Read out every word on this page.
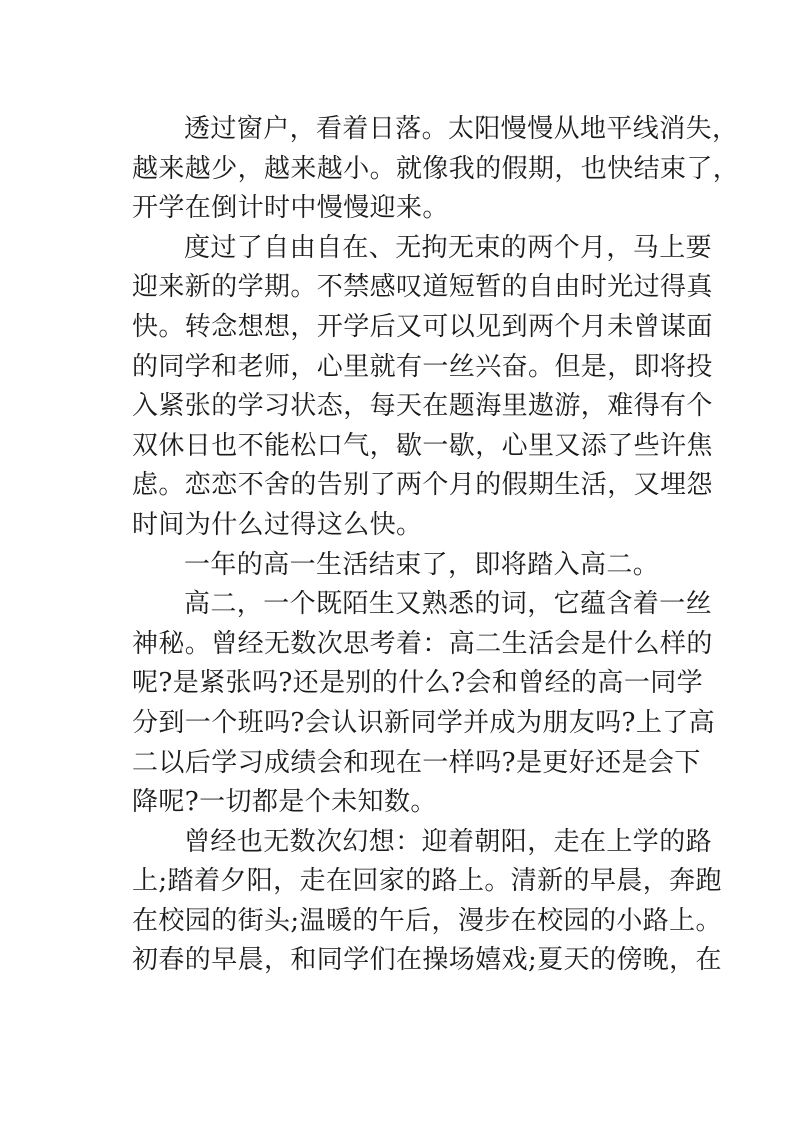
透过窗户，看着日落。太阳慢慢从地平线消失，
越来越少，越来越小。就像我的假期，也快结束了，
开学在倒计时中慢慢迎来。
度过了自由自在、无拘无束的两个月，马上要
迎来新的学期。不禁感叹道短暂的自由时光过得真
快。转念想想，开学后又可以见到两个月未曾谋面
的同学和老师，心里就有一丝兴奋。但是，即将投
入紧张的学习状态，每天在题海里遨游，难得有个
双休日也不能松口气，歇一歇，心里又添了些许焦
虑。恋恋不舍的告别了两个月的假期生活，又埋怨
时间为什么过得这么快。
一年的高一生活结束了，即将踏入高二。
高二，一个既陌生又熟悉的词，它蕴含着一丝
神秘。曾经无数次思考着：高二生活会是什么样的
呢?是紧张吗?还是别的什么?会和曾经的高一同学
分到一个班吗?会认识新同学并成为朋友吗?上了高
二以后学习成绩会和现在一样吗?是更好还是会下
降呢?一切都是个未知数。
曾经也无数次幻想：迎着朝阳，走在上学的路
上;踏着夕阳，走在回家的路上。清新的早晨，奔跑
在校园的街头;温暖的午后，漫步在校园的小路上。
初春的早晨，和同学们在操场嬉戏;夏天的傍晚，在
